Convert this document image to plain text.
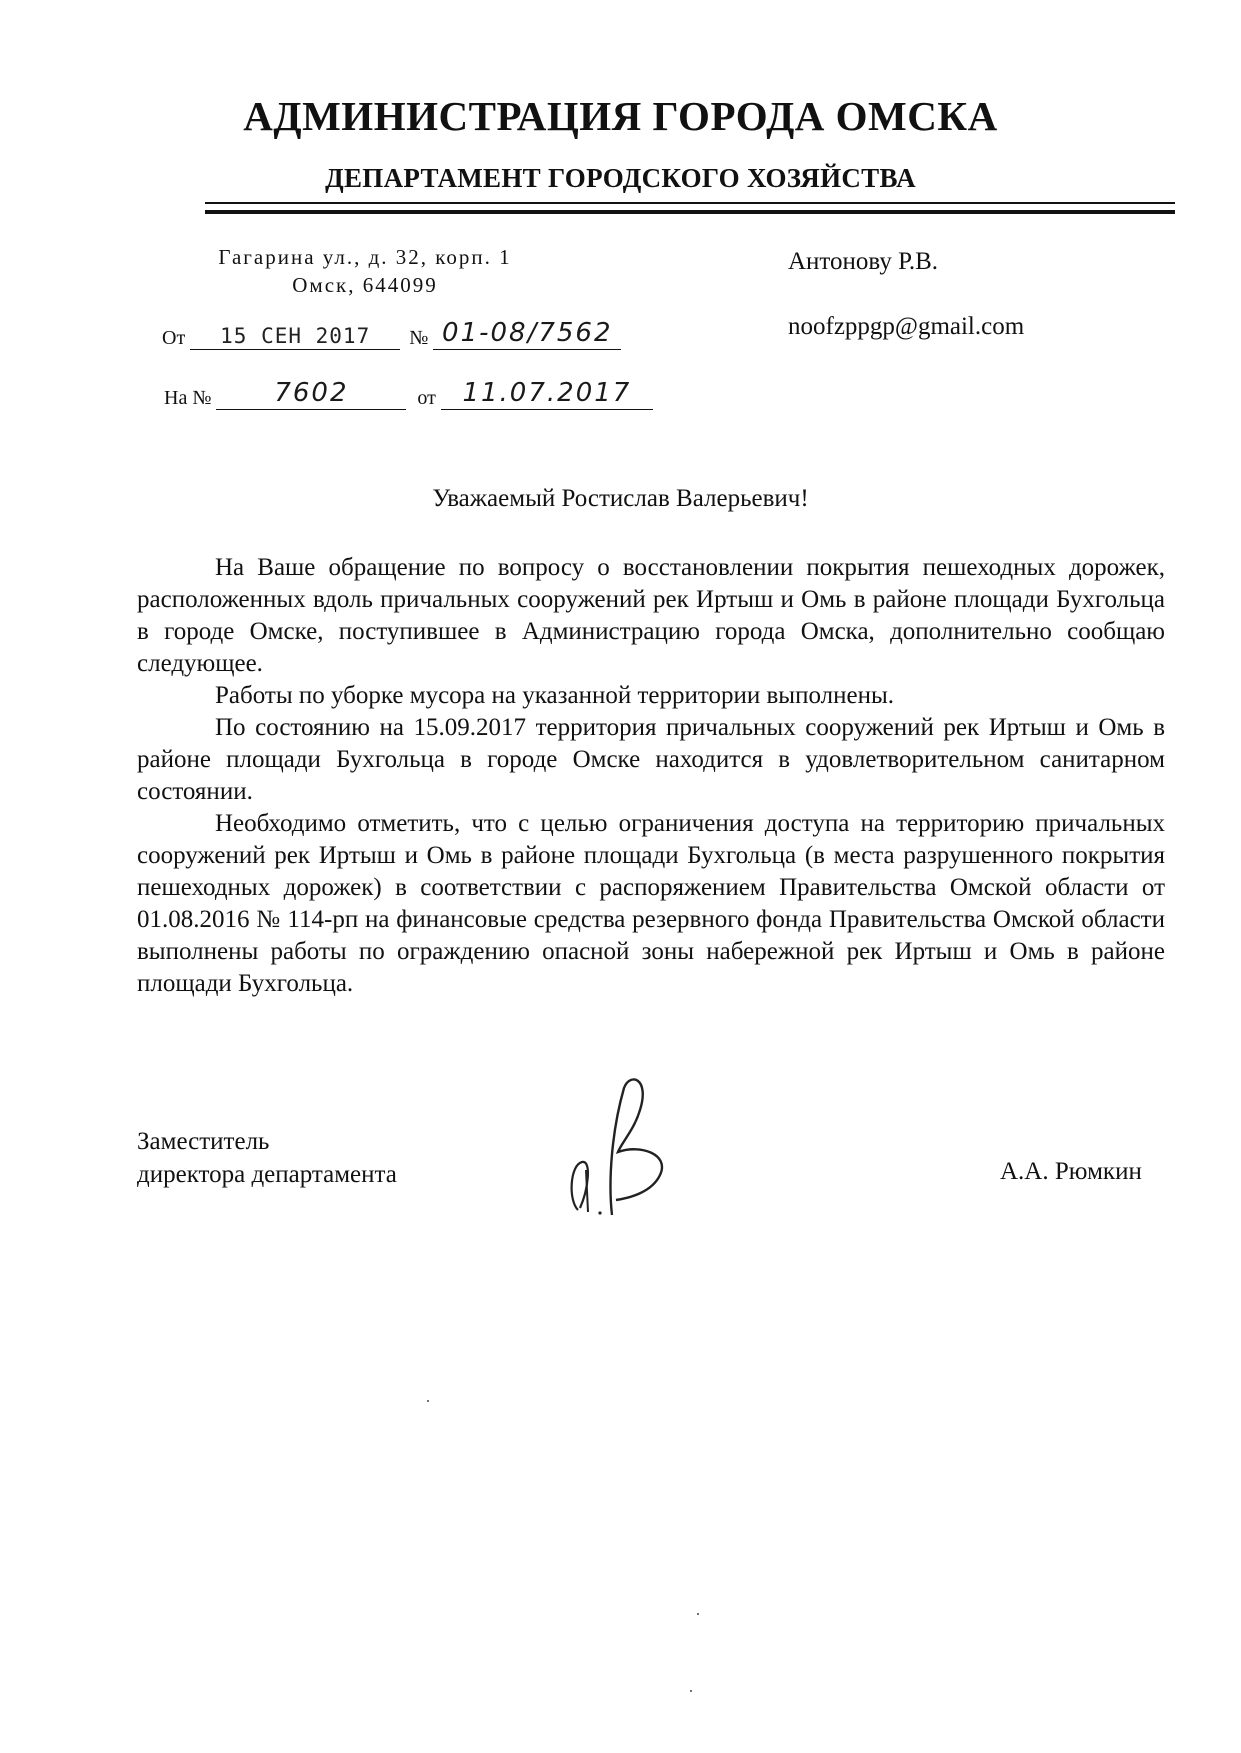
АДМИНИСТРАЦИЯ ГОРОДА ОМСКА
ДЕПАРТАМЕНТ ГОРОДСКОГО ХОЗЯЙСТВА
Гагарина ул., д. 32, корп. 1
Омск, 644099
От 15 СЕН 2017 № 01-08/7562
На № 7602	от 11.07.2017
Антонову Р.В.
noofzppgp@gmail.com
Уважаемый Ростислав Валерьевич!

На Ваше обращение по вопросу о восстановлении покрытия пешеходных дорожек, расположенных вдоль причальных сооружений рек Иртыш и Омь в районе площади Бухгольца в городе Омске, поступившее в Администрацию города Омска, дополнительно сообщаю следующее.

Работы по уборке мусора на указанной территории выполнены.

По состоянию на 15.09.2017 территория причальных сооружений рек Иртыш и Омь в районе площади Бухгольца в городе Омске находится в удовлетворительном санитарном состоянии.

Необходимо отметить, что с целью ограничения доступа на территорию причальных сооружений рек Иртыш и Омь в районе площади Бухгольца (в места разрушенного покрытия пешеходных дорожек) в соответствии с распоряжением Правительства Омской области от 01.08.2016 № 114-рп на финансовые средства резервного фонда Правительства Омской области выполнены работы по ограждению опасной зоны набережной рек Иртыш и Омь в районе площади Бухгольца.

Заместитель
директора департамента	А.А. Рюмкин
